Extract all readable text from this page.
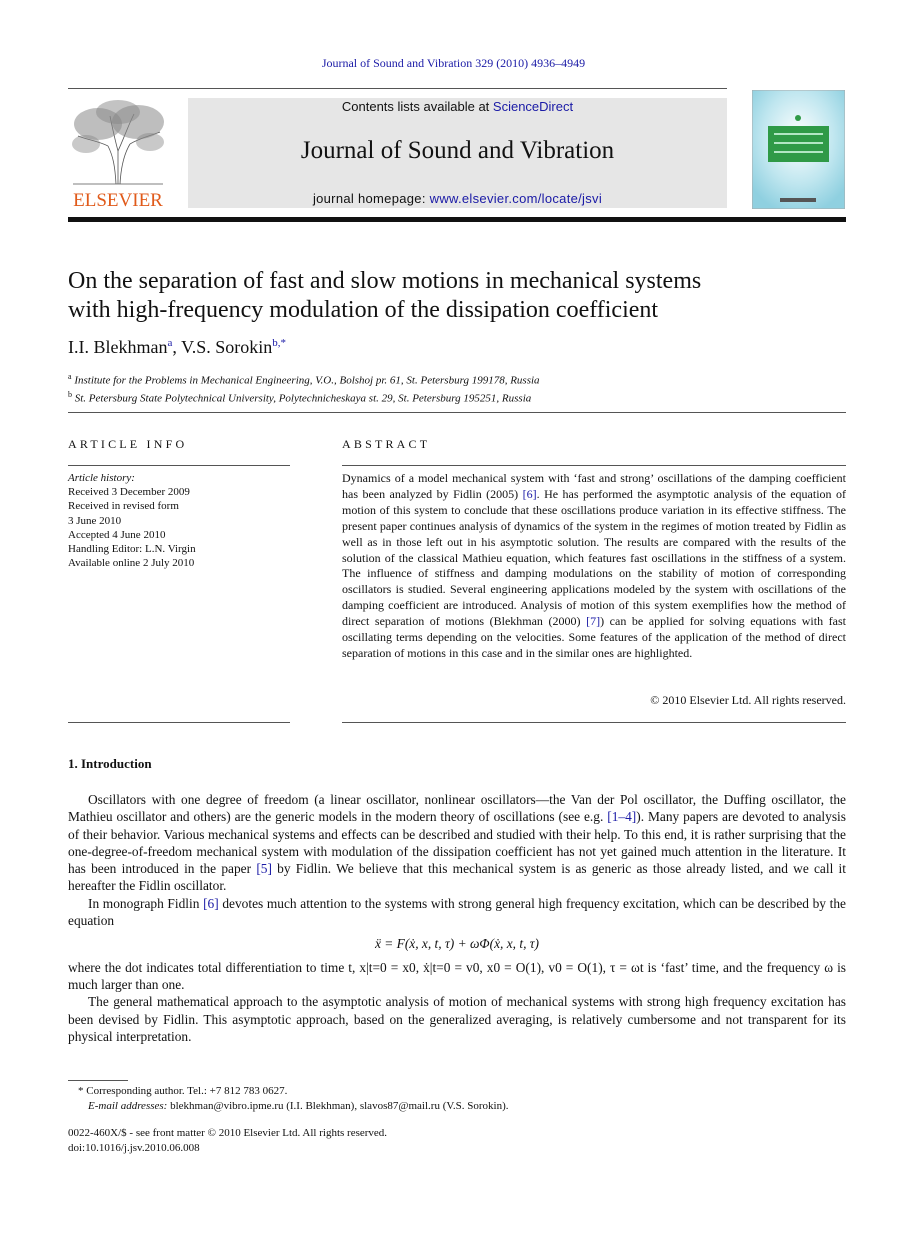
Journal of Sound and Vibration 329 (2010) 4936–4949
ELSEVIER
Contents lists available at ScienceDirect
Journal of Sound and Vibration
journal homepage: www.elsevier.com/locate/jsvi
On the separation of fast and slow motions in mechanical systems
with high-frequency modulation of the dissipation coefficient
I.I. Blekhman$^a$, V.S. Sorokin$^{b,*}$
$^a$ Institute for the Problems in Mechanical Engineering, V.O., Bolshoj pr. 61, St. Petersburg 199178, Russia
$^b$ St. Petersburg State Polytechnical University, Polytechnicheskaya st. 29, St. Petersburg 195251, Russia
ARTICLE INFO	ABSTRACT
Article history:
Received 3 December 2009
Received in revised form
3 June 2010
Accepted 4 June 2010
Handling Editor: L.N. Virgin
Available online 2 July 2010
Dynamics of a model mechanical system with ‘fast and strong’ oscillations of the damping coefficient has been analyzed by Fidlin (2005) [6]. He has performed the asymptotic analysis of the equation of motion of this system to conclude that these oscillations produce variation in its effective stiffness. The present paper continues analysis of dynamics of the system in the regimes of motion treated by Fidlin as well as in those left out in his asymptotic solution. The results are compared with the results of the solution of the classical Mathieu equation, which features fast oscillations in the stiffness of a system. The influence of stiffness and damping modulations on the stability of motion of corresponding oscillators is studied. Several engineering applications modeled by the system with oscillations of the damping coefficient are introduced. Analysis of motion of this system exemplifies how the method of direct separation of motions (Blekhman (2000) [7]) can be applied for solving equations with fast oscillating terms depending on the velocities. Some features of the application of the method of direct separation of motions in this case and in the similar ones are highlighted.
© 2010 Elsevier Ltd. All rights reserved.
1. Introduction

Oscillators with one degree of freedom (a linear oscillator, nonlinear oscillators—the Van der Pol oscillator, the Duffing oscillator, the Mathieu oscillator and others) are the generic models in the modern theory of oscillations (see e.g. [1–4]). Many papers are devoted to analysis of their behavior. Various mechanical systems and effects can be described and studied with their help. To this end, it is rather surprising that the one-degree-of-freedom mechanical system with modulation of the dissipation coefficient has not yet gained much attention in the literature. It has been introduced in the paper [5] by Fidlin. We believe that this mechanical system is as generic as those already listed, and we call it hereafter the Fidlin oscillator.

In monograph Fidlin [6] devotes much attention to the systems with strong general high frequency excitation, which can be described by the equation

ẍ = F(ẋ, x, t, τ) + ωΦ(ẋ, x, t, τ)

where the dot indicates total differentiation to time t, x|t=0 = x0, ẋ|t=0 = v0, x0 = O(1), v0 = O(1), τ = ωt is ‘fast’ time, and the frequency ω is much larger than one.

The general mathematical approach to the asymptotic analysis of motion of mechanical systems with strong high frequency excitation has been devised by Fidlin. This asymptotic approach, based on the generalized averaging, is relatively cumbersome and not transparent for its physical interpretation.

* Corresponding author. Tel.: +7 812 783 0627.
E-mail addresses: blekhman@vibro.ipme.ru (I.I. Blekhman), slavos87@mail.ru (V.S. Sorokin).
0022-460X/$ - see front matter © 2010 Elsevier Ltd. All rights reserved.
doi:10.1016/j.jsv.2010.06.008
